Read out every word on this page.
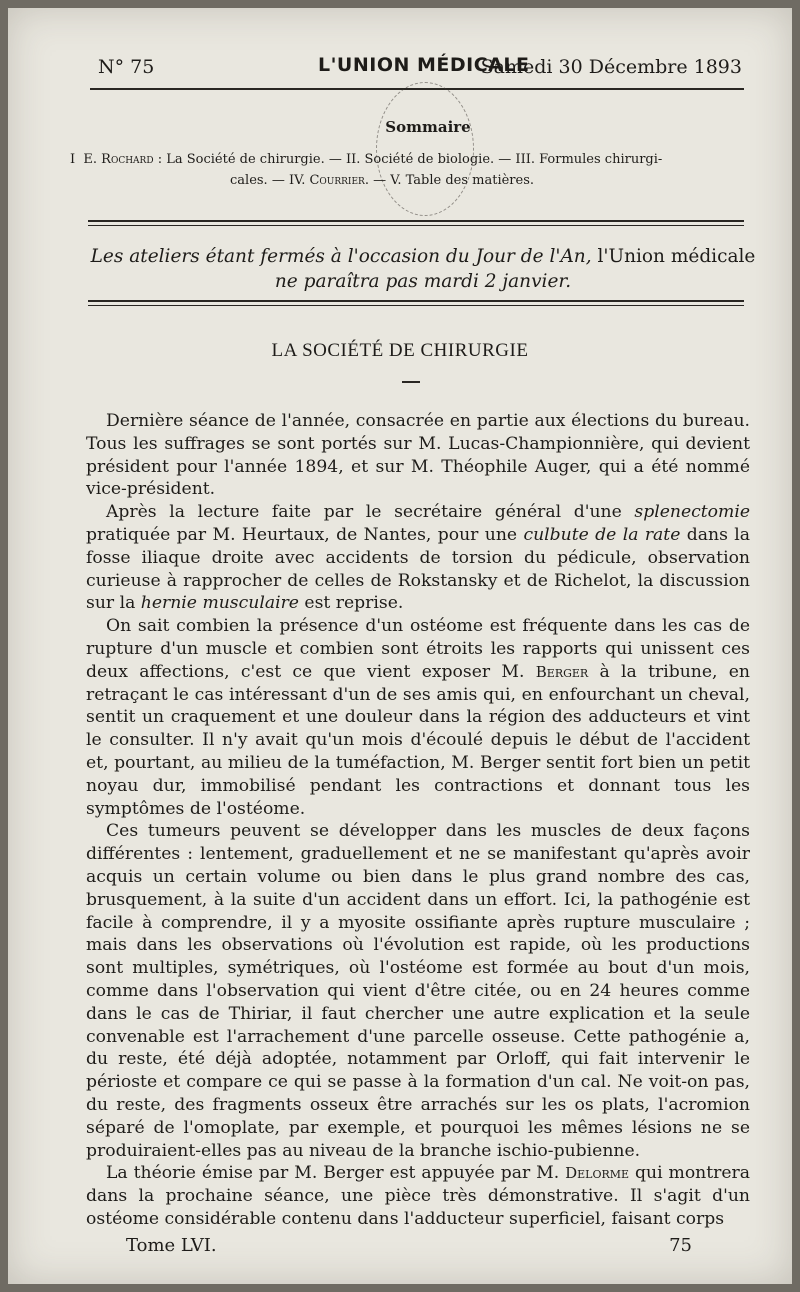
N° 75	L'UNION MÉDICALE
Samedi 30 Décembre 1893
Sommaire
I E. Rochard : La Société de chirurgie. — II. Société de biologie. — III. Formules chirurgi-
cales. — IV. Courrier. — V. Table des matières.
Les ateliers étant fermés à l'occasion du Jour de l'An, l'Union médicale
ne paraîtra pas mardi 2 janvier.
LA SOCIÉTÉ DE CHIRURGIE

Dernière séance de l'année, consacrée en partie aux élections du bureau. Tous les suffrages se sont portés sur M. Lucas-Championnière, qui devient président pour l'année 1894, et sur M. Théophile Auger, qui a été nommé vice-président.

Après la lecture faite par le secrétaire général d'une splenectomie pratiquée par M. Heurtaux, de Nantes, pour une culbute de la rate dans la fosse iliaque droite avec accidents de torsion du pédicule, observation curieuse à rapprocher de celles de Rokstansky et de Richelot, la discussion sur la hernie musculaire est reprise.

On sait combien la présence d'un ostéome est fréquente dans les cas de rupture d'un muscle et combien sont étroits les rapports qui unissent ces deux affections, c'est ce que vient exposer M. Berger à la tribune, en retraçant le cas intéressant d'un de ses amis qui, en enfourchant un cheval, sentit un craquement et une douleur dans la région des adducteurs et vint le consulter. Il n'y avait qu'un mois d'écoulé depuis le début de l'accident et, pourtant, au milieu de la tuméfaction, M. Berger sentit fort bien un petit noyau dur, immobilisé pendant les contractions et donnant tous les symptômes de l'ostéome.

Ces tumeurs peuvent se développer dans les muscles de deux façons différentes : lentement, graduellement et ne se manifestant qu'après avoir acquis un certain volume ou bien dans le plus grand nombre des cas, brusquement, à la suite d'un accident dans un effort. Ici, la pathogénie est facile à comprendre, il y a myosite ossifiante après rupture musculaire ; mais dans les observations où l'évolution est rapide, où les productions sont multiples, symétriques, où l'ostéome est formée au bout d'un mois, comme dans l'observation qui vient d'être citée, ou en 24 heures comme dans le cas de Thiriar, il faut chercher une autre explication et la seule convenable est l'arrachement d'une parcelle osseuse. Cette pathogénie a, du reste, été déjà adoptée, notamment par Orloff, qui fait intervenir le périoste et compare ce qui se passe à la formation d'un cal. Ne voit-on pas, du reste, des fragments osseux être arrachés sur les os plats, l'acromion séparé de l'omoplate, par exemple, et pourquoi les mêmes lésions ne se produiraient-elles pas au niveau de la branche ischio-pubienne.

La théorie émise par M. Berger est appuyée par M. Delorme qui montrera dans la prochaine séance, une pièce très démonstrative. Il s'agit d'un ostéome considérable contenu dans l'adducteur superficiel, faisant corps

Tome LVI.	75
